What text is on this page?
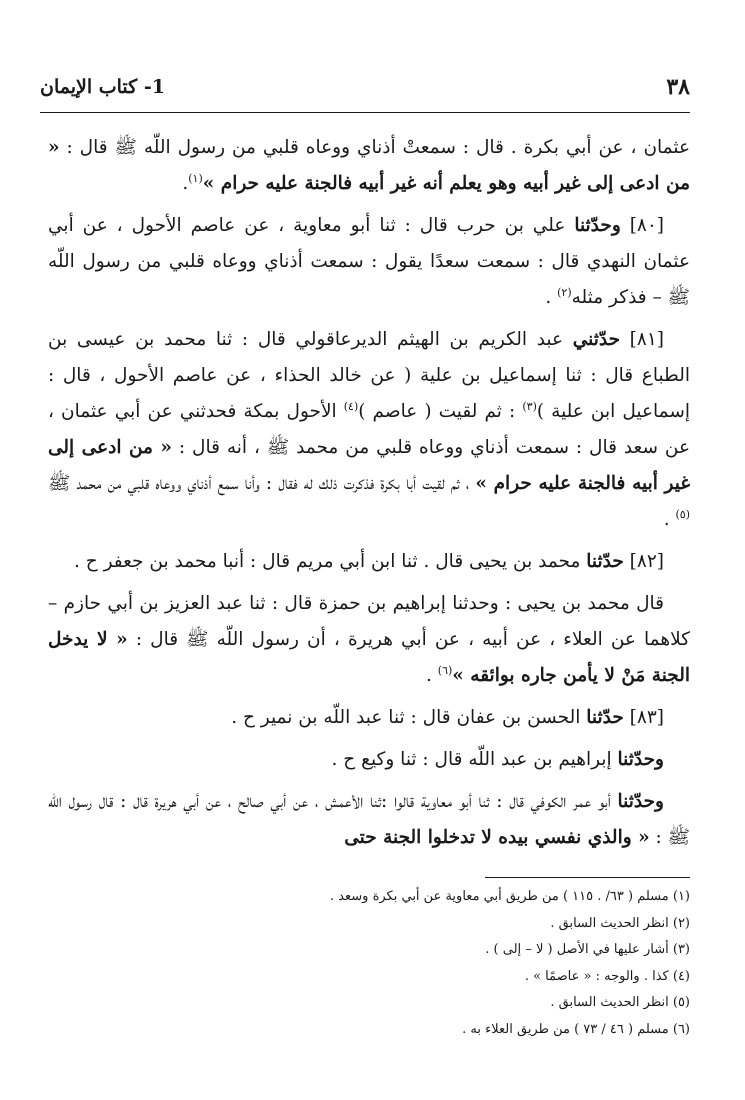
٣٨
1- كتاب الإيمان

عثمان ، عن أبي بكرة . قال : سمعتْ أذناي ووعاه قلبي من رسول اللّه ﷺ قال : « من ادعى إلى غير أبيه وهو يعلم أنه غير أبيه فالجنة عليه حرام »$^{(١)}$.

[٨٠] وحدّثنا علي بن حرب قال : ثنا أبو معاوية ، عن عاصم الأحول ، عن أبي عثمان النهدي قال : سمعت سعدًا يقول : سمعت أذناي ووعاه قلبي من رسول اللّه ﷺ – فذكر مثله$^{(٢)}$ .

[٨١] حدّثني عبد الكريم بن الهيثم الديرعاقولي قال : ثنا محمد بن عيسى بن الطباع قال : ثنا إسماعيل بن علية ( عن خالد الحذاء ، عن عاصم الأحول ، قال : إسماعيل ابن علية )$^{(٣)}$ : ثم لقيت ( عاصم )$^{(٤)}$ الأحول بمكة فحدثني عن أبي عثمان ، عن سعد قال : سمعت أذناي ووعاه قلبي من محمد ﷺ ، أنه قال : « من ادعى إلى غير أبيه فالجنة عليه حرام » ، ثم لقيت أبا بكرة فذكرت ذلك له فقال : وأنا سمع أذناي ووعاه قلبي من محمد ﷺ $^{(٥)}$ .

[٨٢] حدّثنا محمد بن يحيى قال . ثنا ابن أبي مريم قال : أنبا محمد بن جعفر ح .

قال محمد بن يحيى : وحدثنا إبراهيم بن حمزة قال : ثنا عبد العزيز بن أبي حازم – كلاهما عن العلاء ، عن أبيه ، عن أبي هريرة ، أن رسول اللّه ﷺ قال : « لا يدخل الجنة مَنْ لا يأمن جاره بوائقه »$^{(٦)}$ .

[٨٣] حدّثنا الحسن بن عفان قال : ثنا عبد اللّه بن نمير ح .

وحدّثنا إبراهيم بن عبد اللّه قال : ثنا وكيع ح .

وحدّثنا أبو عمر الكوفي قال : ثنا أبو معاوية قالوا :ثنا الأعمش ، عن أبي صالح ، عن أبي هريرة قال : قال رسول اللّه ﷺ : « والذي نفسي بيده لا تدخلوا الجنة حتى

(١) مسلم ( ٦٣/ . ١١٥ ) من طريق أبي معاوية عن أبي بكرة وسعد .

(٢) انظر الحديث السابق .

(٣) أشار عليها في الأصل ( لا – إلى ) .

(٤) كذا . والوجه : « عاصمًا » .

(٥) انظر الحديث السابق .

(٦) مسلم ( ٤٦ / ٧٣ ) من طريق العلاء به .
